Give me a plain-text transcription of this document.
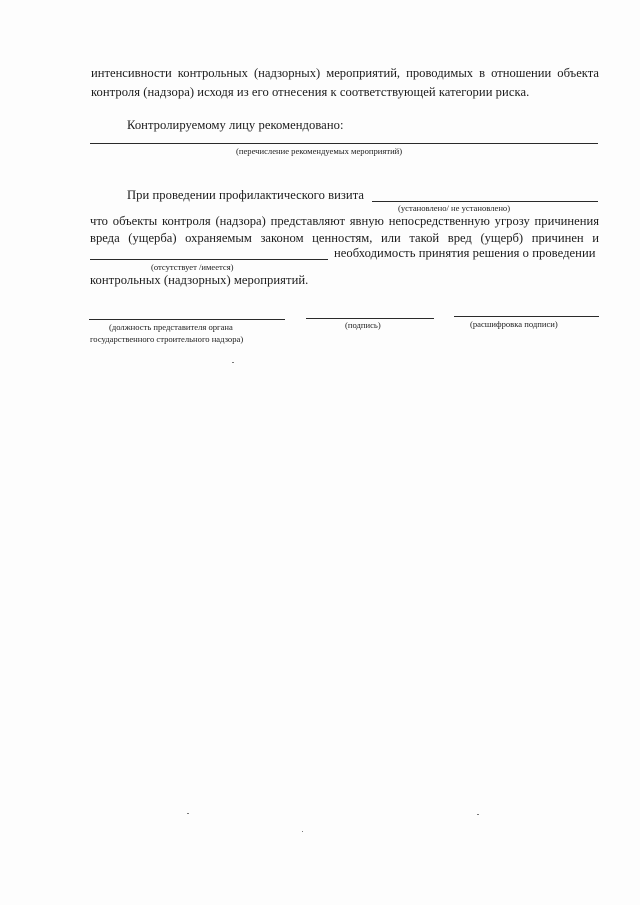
интенсивности контрольных (надзорных) мероприятий, проводимых в отношении объекта
контроля (надзора) исходя из его отнесения к соответствующей категории риска.
Контролируемому лицу рекомендовано:
(перечисление рекомендуемых мероприятий)
При проведении профилактического визита
(установлено/ не установлено)
что объекты контроля (надзора) представляют явную непосредственную угрозу причинения
вреда (ущерба) охраняемым законом ценностям, или такой вред (ущерб) причинен и
необходимость принятия решения о проведении
(отсутствует /имеется)
контрольных (надзорных) мероприятий.
(должность представителя органа
государственного строительного надзора)
(подпись)	(расшифровка подписи)
